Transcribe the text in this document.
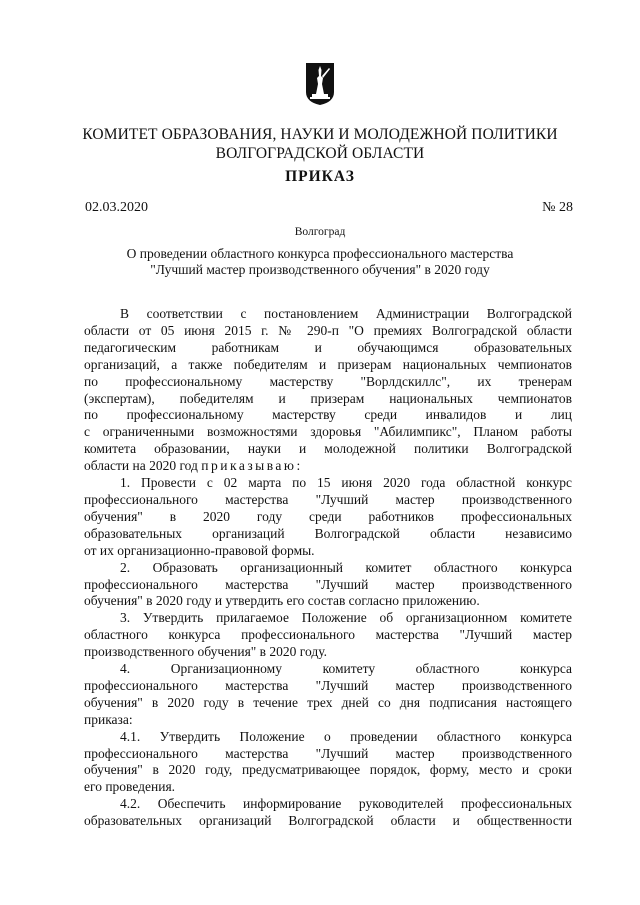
КОМИТЕТ ОБРАЗОВАНИЯ, НАУКИ И МОЛОДЕЖНОЙ ПОЛИТИКИ
ВОЛГОГРАДСКОЙ ОБЛАСТИ
ПРИКАЗ
02.03.2020	№ 28
Волгоград
О проведении областного конкурса профессионального мастерства
"Лучший мастер производственного обучения" в 2020 году

В соответствии с постановлением Администрации Волгоградской

области от 05 июня 2015 г. № 290-п "О премиях Волгоградской области

педагогическим работникам и обучающимся образовательных

организаций, а также победителям и призерам национальных чемпионатов

по профессиональному мастерству "Ворлдскиллс", их тренерам

(экспертам), победителям и призерам национальных чемпионатов

по профессиональному мастерству среди инвалидов и лиц

с ограниченными возможностями здоровья "Абилимпикс", Планом работы

комитета образовании, науки и молодежной политики Волгоградской

области на 2020 год приказываю:

1. Провести с 02 марта по 15 июня 2020 года областной конкурс

профессионального мастерства "Лучший мастер производственного

обучения" в 2020 году среди работников профессиональных

образовательных организаций Волгоградской области независимо

от их организационно-правовой формы.

2. Образовать организационный комитет областного конкурса

профессионального мастерства "Лучший мастер производственного

обучения" в 2020 году и утвердить его состав согласно приложению.

3. Утвердить прилагаемое Положение об организационном комитете

областного конкурса профессионального мастерства "Лучший мастер

производственного обучения" в 2020 году.

4. Организационному комитету областного конкурса

профессионального мастерства "Лучший мастер производственного

обучения" в 2020 году в течение трех дней со дня подписания настоящего

приказа:

4.1. Утвердить Положение о проведении областного конкурса

профессионального мастерства "Лучший мастер производственного

обучения" в 2020 году, предусматривающее порядок, форму, место и сроки

его проведения.

4.2. Обеспечить информирование руководителей профессиональных

образовательных организаций Волгоградской области и общественности
